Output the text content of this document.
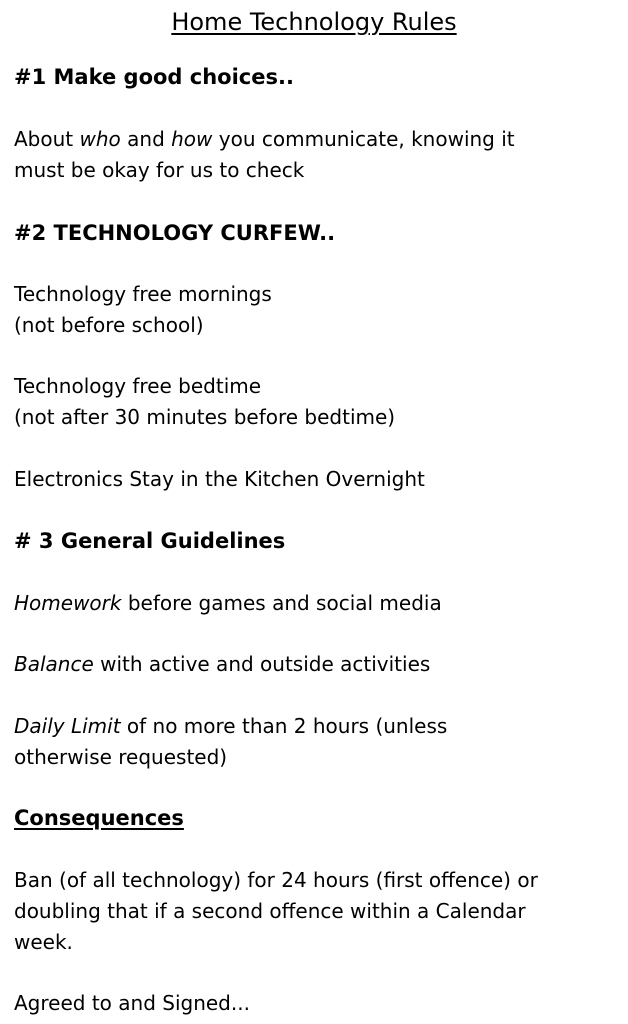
Home Technology Rules

#1 Make good choices..

About who and how you communicate, knowing it

must be okay for us to check

#2 TECHNOLOGY CURFEW..

Technology free mornings

(not before school)

Technology free bedtime

(not after 30 minutes before bedtime)

Electronics Stay in the Kitchen Overnight

# 3 General Guidelines

Homework before games and social media

Balance with active and outside activities

Daily Limit of no more than 2 hours (unless

otherwise requested)

Consequences

Ban (of all technology) for 24 hours (first offence) or

doubling that if a second offence within a Calendar

week.

Agreed to and Signed...
